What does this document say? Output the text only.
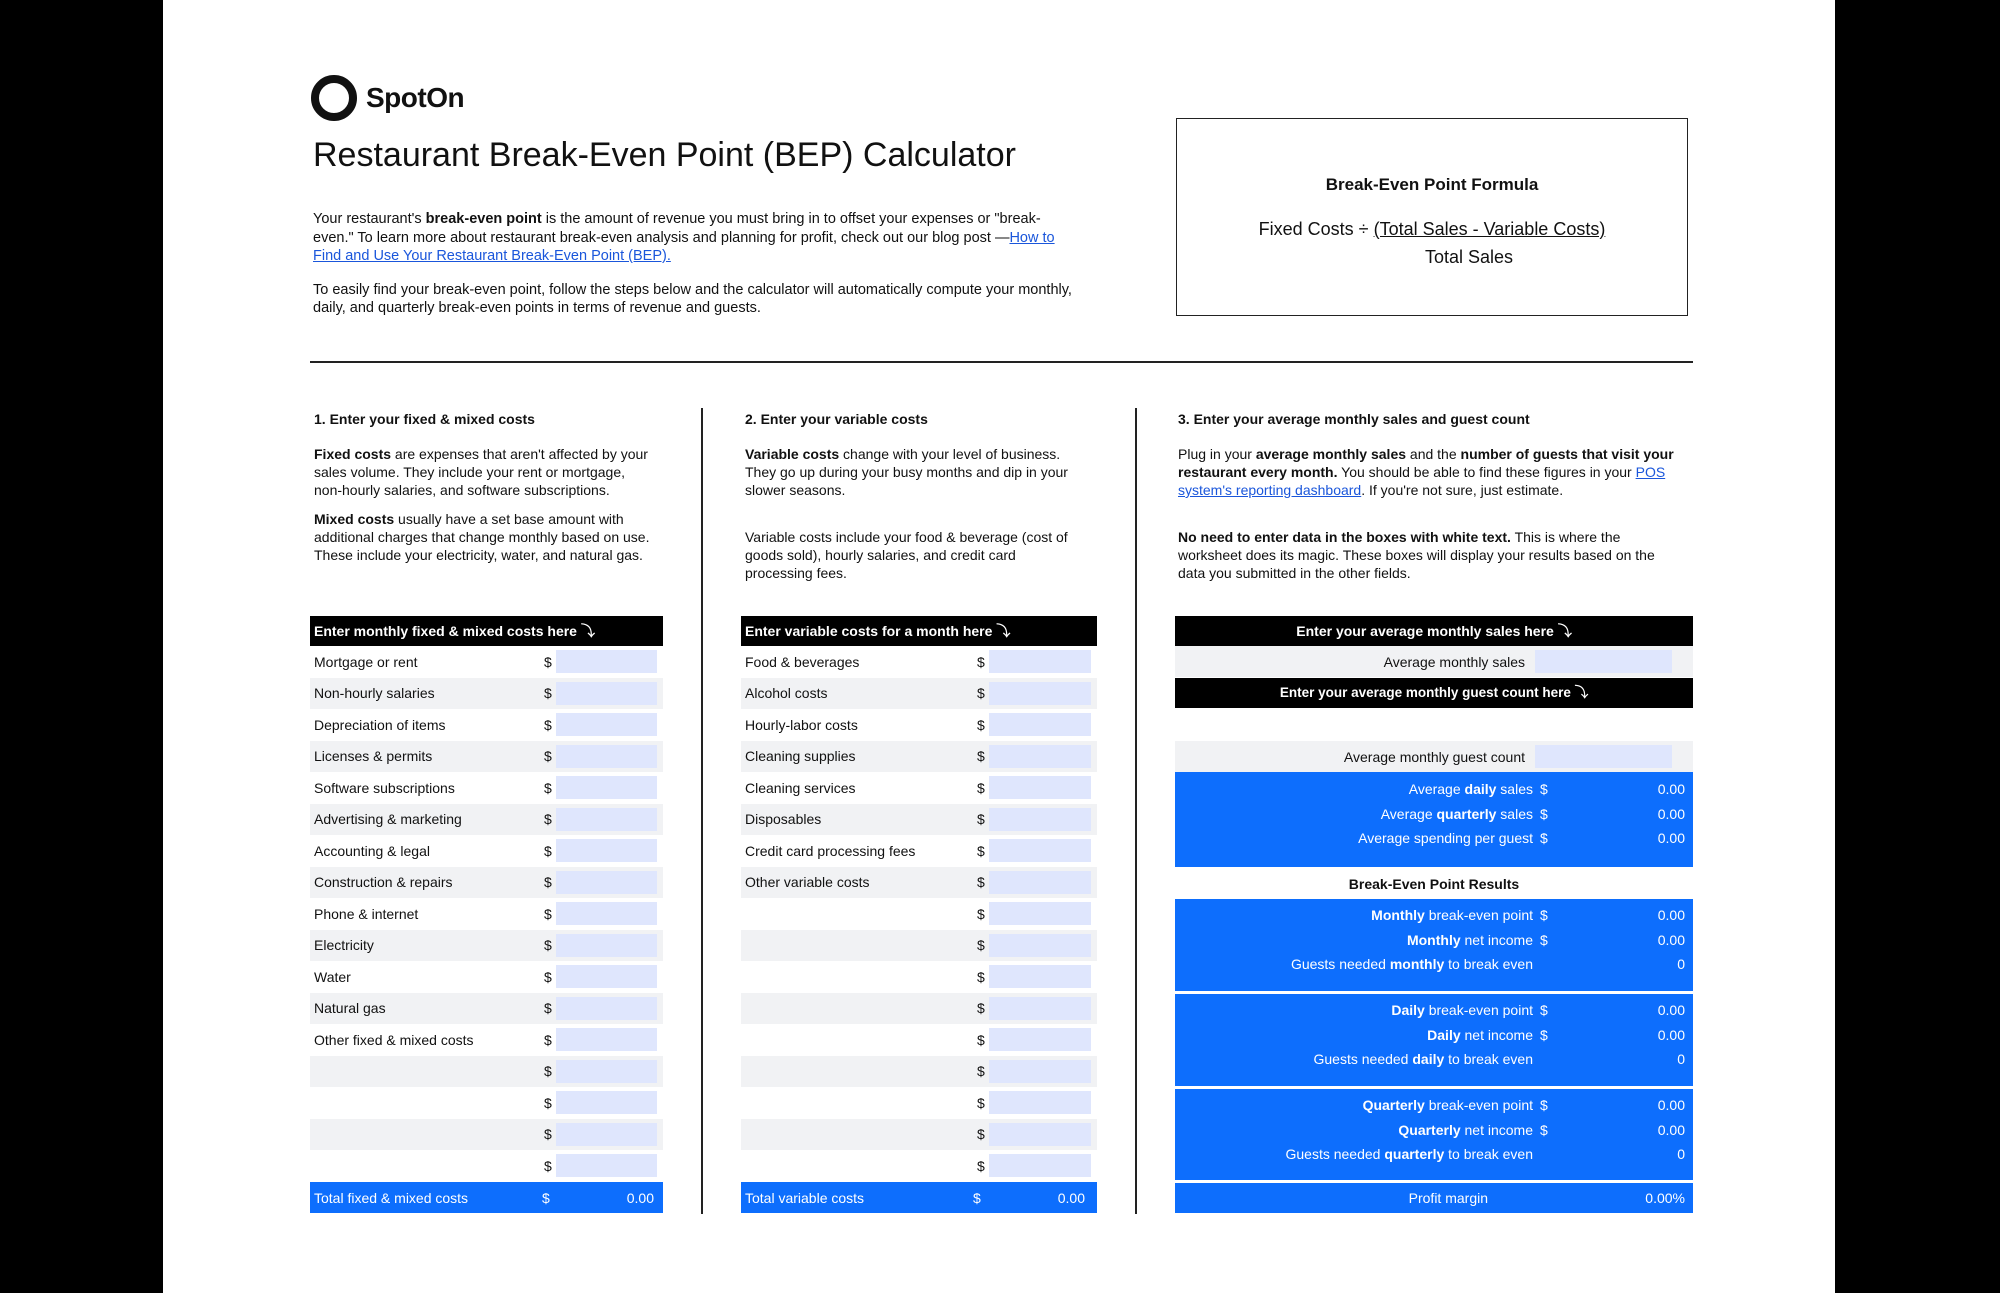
SpotOn
Restaurant Break-Even Point (BEP) Calculator

Your restaurant's break-even point is the amount of revenue you must bring in to offset your expenses or "break-even." To learn more about restaurant break-even analysis and planning for profit, check out our blog post —How to Find and Use Your Restaurant Break-Even Point (BEP).

To easily find your break-even point, follow the steps below and the calculator will automatically compute your monthly, daily, and quarterly break-even points in terms of revenue and guests.

Break-Even Point Formula
Fixed Costs ÷ (Total Sales - Variable Costs)
Total Sales
1. Enter your fixed & mixed costs

Fixed costs are expenses that aren't affected by your sales volume. They include your rent or mortgage, non-hourly salaries, and software subscriptions.

Mixed costs usually have a set base amount with additional charges that change monthly based on use. These include your electricity, water, and natural gas.

Enter monthly fixed & mixed costs here ⤵
Mortgage or rent	$
Non-hourly salaries	$
Depreciation of items	$
Licenses & permits	$
Software subscriptions	$
Advertising & marketing	$
Accounting & legal	$
Construction & repairs	$
Phone & internet	$
Electricity	$
Water	$
Natural gas	$
Other fixed & mixed costs	$
$
$
$
$
Total fixed & mixed costs	$	0.00
2. Enter your variable costs

Variable costs change with your level of business. They go up during your busy months and dip in your slower seasons.

Variable costs include your food & beverage (cost of goods sold), hourly salaries, and credit card processing fees.

Enter variable costs for a month here ⤵
Food & beverages	$
Alcohol costs	$
Hourly-labor costs	$
Cleaning supplies	$
Cleaning services	$
Disposables	$
Credit card processing fees	$
Other variable costs	$
$
$
$
$
$
$
$
$
$
Total variable costs	$	0.00
3. Enter your average monthly sales and guest count

Plug in your average monthly sales and the number of guests that visit your restaurant every month. You should be able to find these figures in your POS system's reporting dashboard. If you're not sure, just estimate.

No need to enter data in the boxes with white text. This is where the worksheet does its magic. These boxes will display your results based on the data you submitted in the other fields.

Enter your average monthly sales here ⤵
Average monthly sales
Enter your average monthly guest count here ⤵
Average monthly guest count
Average daily sales $	0.00
Average quarterly sales $	0.00
Average spending per guest $	0.00
Break-Even Point Results
Monthly break-even point $	0.00
Monthly net income $	0.00
Guests needed monthly to break even	0
Daily break-even point $	0.00
Daily net income $	0.00
Guests needed daily to break even	0
Quarterly break-even point $	0.00
Quarterly net income $	0.00
Guests needed quarterly to break even	0
Profit margin	0.00%
